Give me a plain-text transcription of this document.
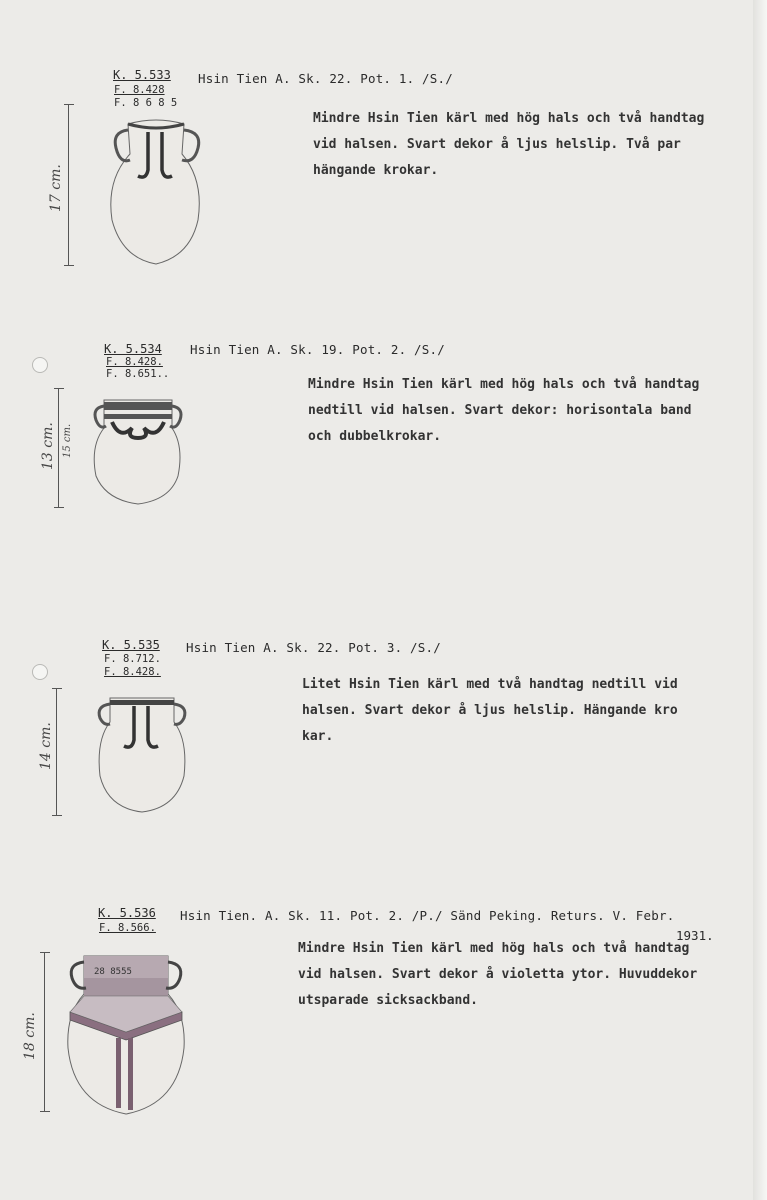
K. 5.533
F. 8.428
F. 8 6 8 5
Hsin Tien A. Sk. 22. Pot. 1. /S./
Mindre Hsin Tien kärl med hög hals och två handtag
vid halsen. Svart dekor å ljus helslip. Två par
hängande krokar.
17 cm.
K. 5.534
F. 8.428.
F. 8.651..
Hsin Tien A. Sk. 19. Pot. 2. /S./
Mindre Hsin Tien kärl med hög hals och två handtag
nedtill vid halsen. Svart dekor: horisontala band
och dubbelkrokar.
13 cm. 15 cm.
K. 5.535
F. 8.712.
F. 8.428.
Hsin Tien A. Sk. 22. Pot. 3. /S./
Litet Hsin Tien kärl med två handtag nedtill vid
halsen. Svart dekor å ljus helslip. Hängande kro
kar.
14 cm.
K. 5.536
F. 8.566.
Hsin Tien. A. Sk. 11. Pot. 2. /P./ Sänd Peking. Returs. V. Febr.
1931.
Mindre Hsin Tien kärl med hög hals och två handtag
vid halsen. Svart dekor å violetta ytor. Huvuddekor
utsparade sicksackband.
18 cm.
28 8555
